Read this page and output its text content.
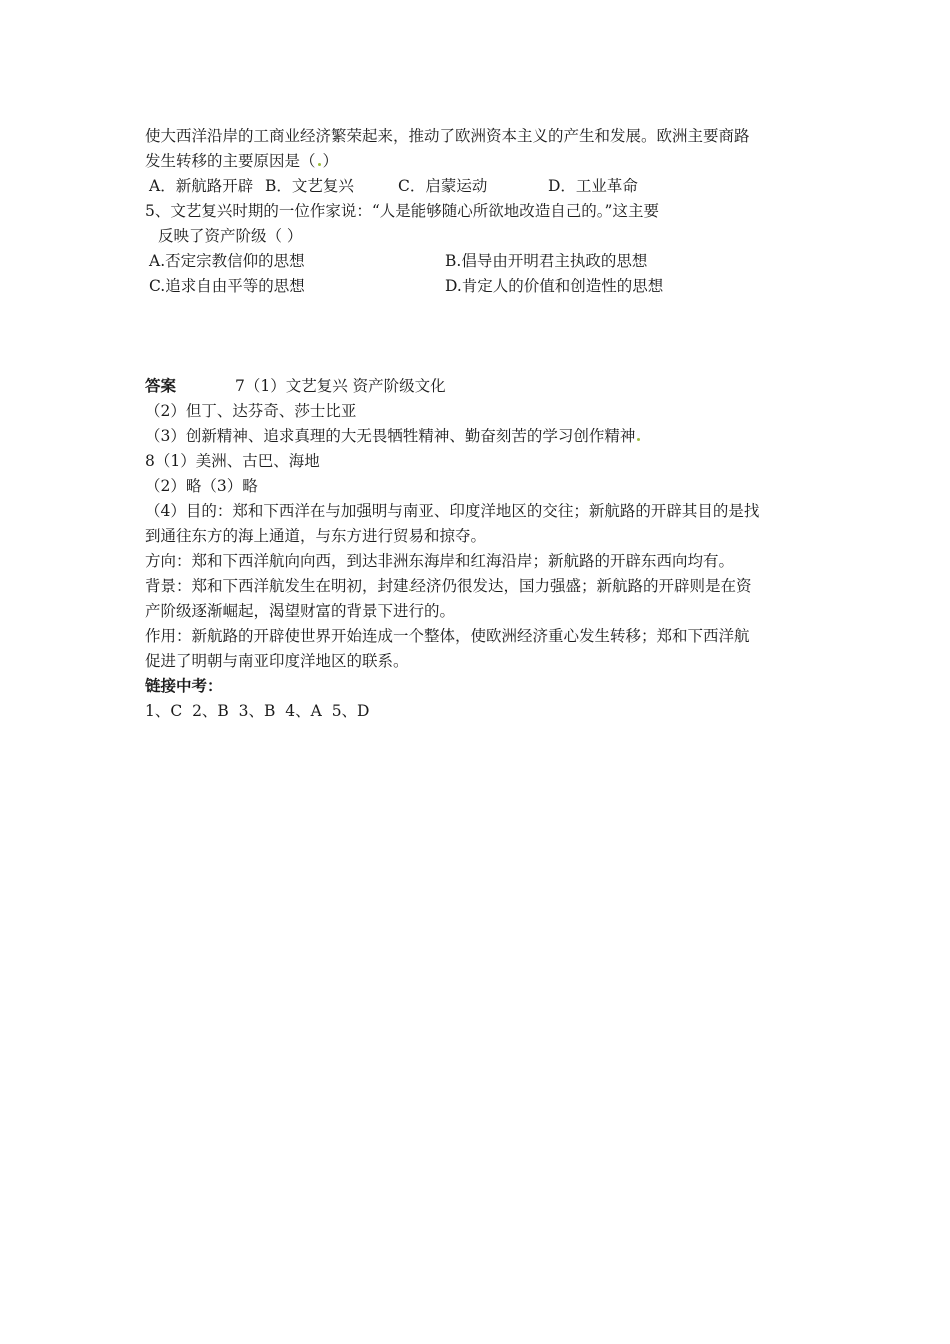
使大西洋沿岸的工商业经济繁荣起来，推动了欧洲资本主义的产生和发展。欧洲主要商路
发生转移的主要原因是（ ）
A．新航路开辟 B．文艺复兴	C．启蒙运动	D．工业革命
5、文艺复兴时期的一位作家说：“人是能够随心所欲地改造自己的。”这主要
反映了资产阶级（ ）
A.否定宗教信仰的思想	B.倡导由开明君主执政的思想
C.追求自由平等的思想	D.肯定人的价值和创造性的思想
答案	7（1）文艺复兴 资产阶级文化
（2）但丁、达芬奇、莎士比亚
（3）创新精神、追求真理的大无畏牺牲精神、勤奋刻苦的学习创作精神
8（1）美洲、古巴、海地
（2）略（3）略
（4）目的：郑和下西洋在与加强明与南亚、印度洋地区的交往；新航路的开辟其目的是找
到通往东方的海上通道，与东方进行贸易和掠夺。
方向：郑和下西洋航向向西，到达非洲东海岸和红海沿岸；新航路的开辟东西向均有。
背景：郑和下西洋航发生在明初，封建 经济仍很发达，国力强盛；新航路的开辟则是在资
产阶级逐渐崛起，渴望财富的背景下进行的。
作用：新航路的开辟使世界开始连成一个整体，使欧洲经济重心发生转移；郑和下西洋航
促进了明朝与南亚印度洋地区的联系。
链接中考：
1、C  2、B  3、B  4、A  5、D
